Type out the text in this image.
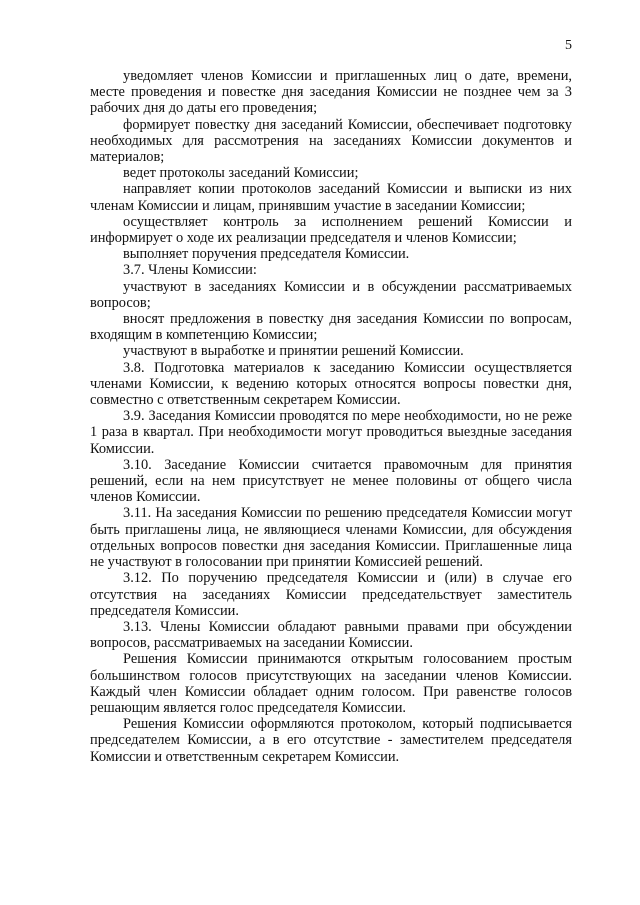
5

уведомляет членов Комиссии и приглашенных лиц о дате, времени, месте проведения и повестке дня заседания Комиссии не позднее чем за 3 рабочих дня до даты его проведения;

формирует повестку дня заседаний Комиссии, обеспечивает подготовку необходимых для рассмотрения на заседаниях Комиссии документов и материалов;

ведет протоколы заседаний Комиссии;

направляет копии протоколов заседаний Комиссии и выписки из них членам Комиссии и лицам, принявшим участие в заседании Комиссии;

осуществляет контроль за исполнением решений Комиссии и информирует о ходе их реализации председателя и членов Комиссии;

выполняет поручения председателя Комиссии.

3.7. Члены Комиссии:

участвуют в заседаниях Комиссии и в обсуждении рассматриваемых вопросов;

вносят предложения в повестку дня заседания Комиссии по вопросам, входящим в компетенцию Комиссии;

участвуют в выработке и принятии решений Комиссии.

3.8. Подготовка материалов к заседанию Комиссии осуществляется членами Комиссии, к ведению которых относятся вопросы повестки дня, совместно с ответственным секретарем Комиссии.

3.9. Заседания Комиссии проводятся по мере необходимости, но не реже 1 раза в квартал. При необходимости могут проводиться выездные заседания Комиссии.

3.10. Заседание Комиссии считается правомочным для принятия решений, если на нем присутствует не менее половины от общего числа членов Комиссии.

3.11. На заседания Комиссии по решению председателя Комиссии могут быть приглашены лица, не являющиеся членами Комиссии, для обсуждения отдельных вопросов повестки дня заседания Комиссии. Приглашенные лица не участвуют в голосовании при принятии Комиссией решений.

3.12. По поручению председателя Комиссии и (или) в случае его отсутствия на заседаниях Комиссии председательствует заместитель председателя Комиссии.

3.13. Члены Комиссии обладают равными правами при обсуждении вопросов, рассматриваемых на заседании Комиссии.

Решения Комиссии принимаются открытым голосованием простым большинством голосов присутствующих на заседании членов Комиссии. Каждый член Комиссии обладает одним голосом. При равенстве голосов решающим является голос председателя Комиссии.

Решения Комиссии оформляются протоколом, который подписывается председателем Комиссии, а в его отсутствие - заместителем председателя Комиссии и ответственным секретарем Комиссии.
